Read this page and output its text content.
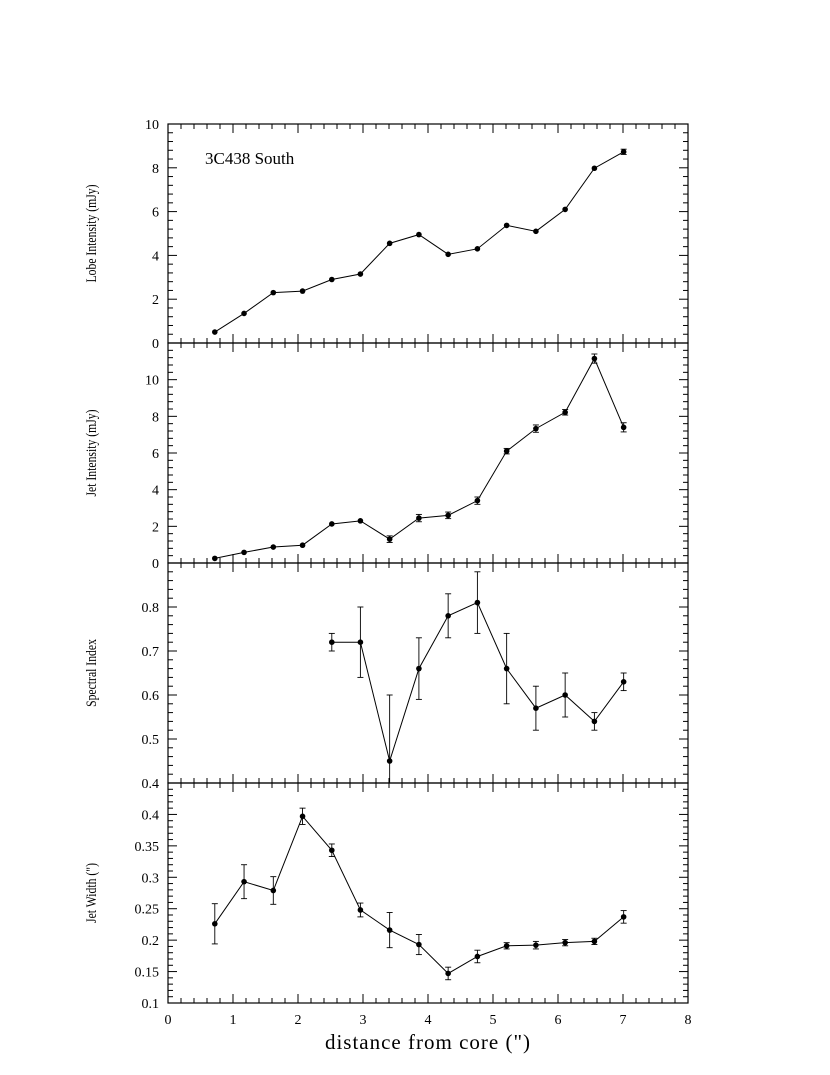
0
2
4
6
8
10
Lobe Intensity (mJy)
3C438 South
0
2
4
6
8
10
Jet Intensity (mJy)
0.5
0.6
0.7
0.8
0.4
Spectral Index
0.1
0.15
0.2
0.25
0.3
0.35
0.4
Jet Width (")
0	1	2	3	4	5	6	7	8
distance from core (")
